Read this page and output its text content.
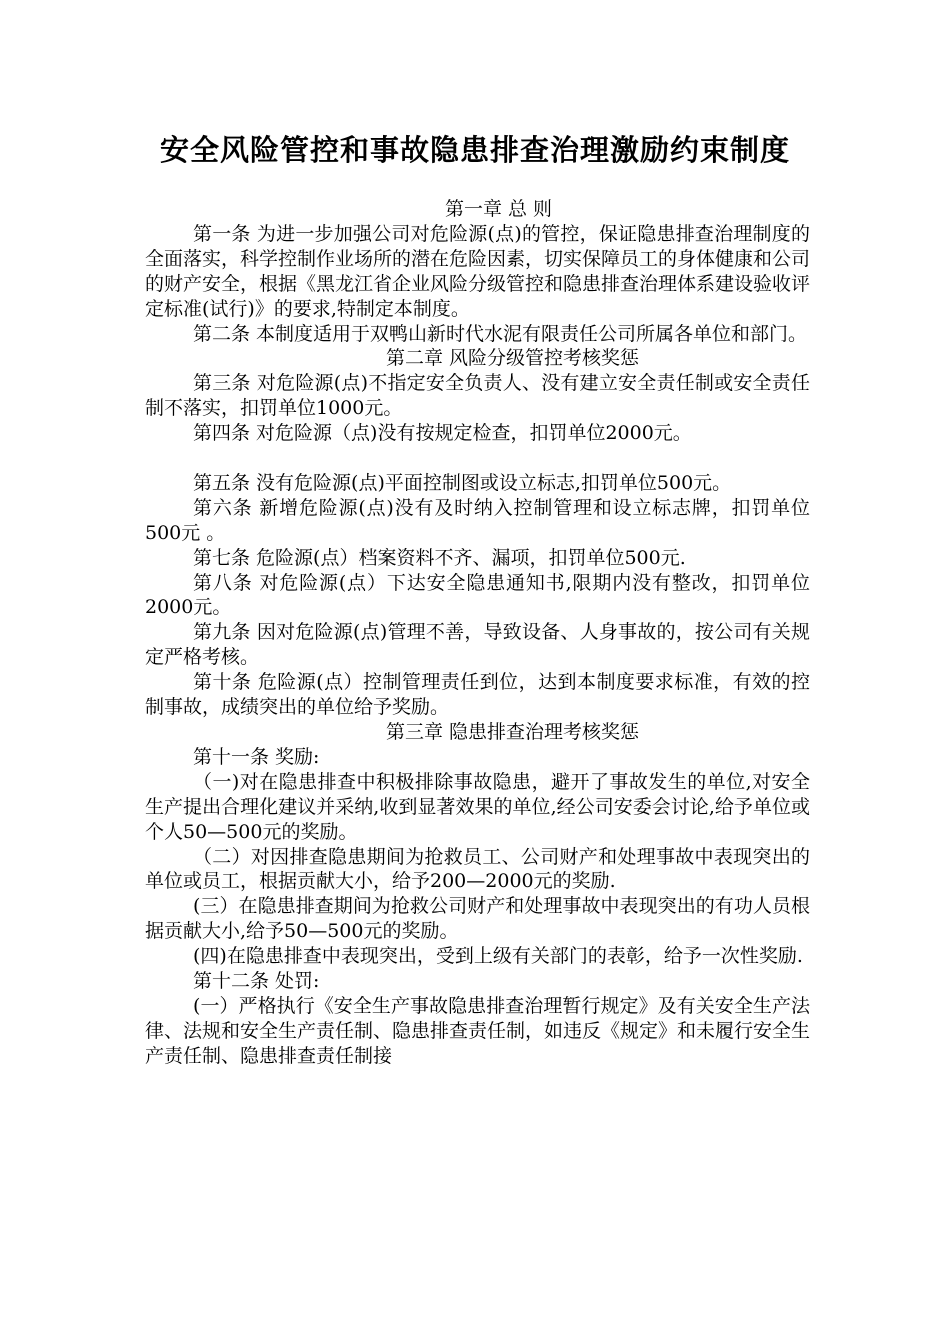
安全风险管控和事故隐患排查治理激励约束制度

第一章 总 则

第一条 为进一步加强公司对危险源(点)的管控，保证隐患排查治理制度的全面落实，科学控制作业场所的潜在危险因素，切实保障员工的身体健康和公司的财产安全，根据《黑龙江省企业风险分级管控和隐患排查治理体系建设验收评定标准(试行)》的要求,特制定本制度。

第二条 本制度适用于双鸭山新时代水泥有限责任公司所属各单位和部门。

第二章 风险分级管控考核奖惩

第三条 对危险源(点)不指定安全负责人、没有建立安全责任制或安全责任制不落实，扣罚单位1000元。

第四条 对危险源（点)没有按规定检查，扣罚单位2000元。

第五条 没有危险源(点)平面控制图或设立标志,扣罚单位500元。

第六条 新增危险源(点)没有及时纳入控制管理和设立标志牌，扣罚单位500元 。

第七条 危险源(点）档案资料不齐、漏项，扣罚单位500元.

第八条 对危险源(点）下达安全隐患通知书,限期内没有整改，扣罚单位2000元。

第九条 因对危险源(点)管理不善，导致设备、人身事故的，按公司有关规定严格考核。

第十条 危险源(点）控制管理责任到位，达到本制度要求标准，有效的控制事故，成绩突出的单位给予奖励。

第三章 隐患排查治理考核奖惩

第十一条 奖励:

（一)对在隐患排查中积极排除事故隐患，避开了事故发生的单位,对安全生产提出合理化建议并采纳,收到显著效果的单位,经公司安委会讨论,给予单位或个人50—500元的奖励。

（二）对因排查隐患期间为抢救员工、公司财产和处理事故中表现突出的单位或员工，根据贡献大小，给予200—2000元的奖励.

(三）在隐患排查期间为抢救公司财产和处理事故中表现突出的有功人员根据贡献大小,给予50—500元的奖励。

(四)在隐患排查中表现突出，受到上级有关部门的表彰，给予一次性奖励.

第十二条 处罚:

(一）严格执行《安全生产事故隐患排查治理暂行规定》及有关安全生产法律、法规和安全生产责任制、隐患排查责任制，如违反《规定》和未履行安全生产责任制、隐患排查责任制接
